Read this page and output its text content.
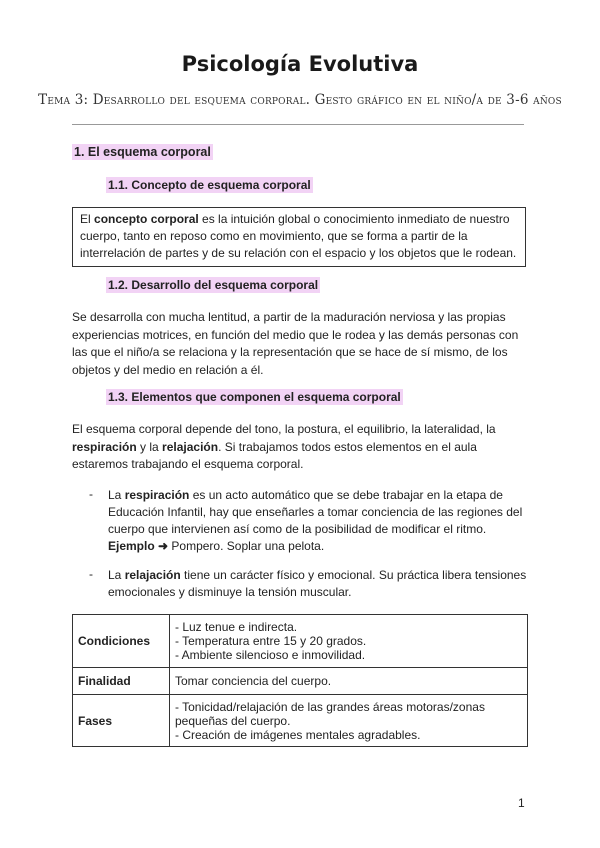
Psicología Evolutiva
Tema 3: Desarrollo del esquema corporal. Gesto gráfico en el niño/a de 3-6 años
1. El esquema corporal
1.1. Concepto de esquema corporal
El concepto corporal es la intuición global o conocimiento inmediato de nuestro cuerpo, tanto en reposo como en movimiento, que se forma a partir de la interrelación de partes y de su relación con el espacio y los objetos que le rodean.
1.2. Desarrollo del esquema corporal
Se desarrolla con mucha lentitud, a partir de la maduración nerviosa y las propias experiencias motrices, en función del medio que le rodea y las demás personas con las que el niño/a se relaciona y la representación que se hace de sí mismo, de los objetos y del medio en relación a él.
1.3. Elementos que componen el esquema corporal
El esquema corporal depende del tono, la postura, el equilibrio, la lateralidad, la respiración y la relajación. Si trabajamos todos estos elementos en el aula estaremos trabajando el esquema corporal.
- La respiración es un acto automático que se debe trabajar en la etapa de Educación Infantil, hay que enseñarles a tomar conciencia de las regiones del cuerpo que intervienen así como de la posibilidad de modificar el ritmo.
Ejemplo ➜ Pompero. Soplar una pelota.
- La relajación tiene un carácter físico y emocional. Su práctica libera tensiones emocionales y disminuye la tensión muscular.
Condiciones	- Luz tenue e indirecta.
- Temperatura entre 15 y 20 grados.
- Ambiente silencioso e inmovilidad.

Finalidad	Tomar conciencia del cuerpo.

Fases	- Tonicidad/relajación de las grandes áreas motoras/zonas pequeñas del cuerpo.
- Creación de imágenes mentales agradables.
1
